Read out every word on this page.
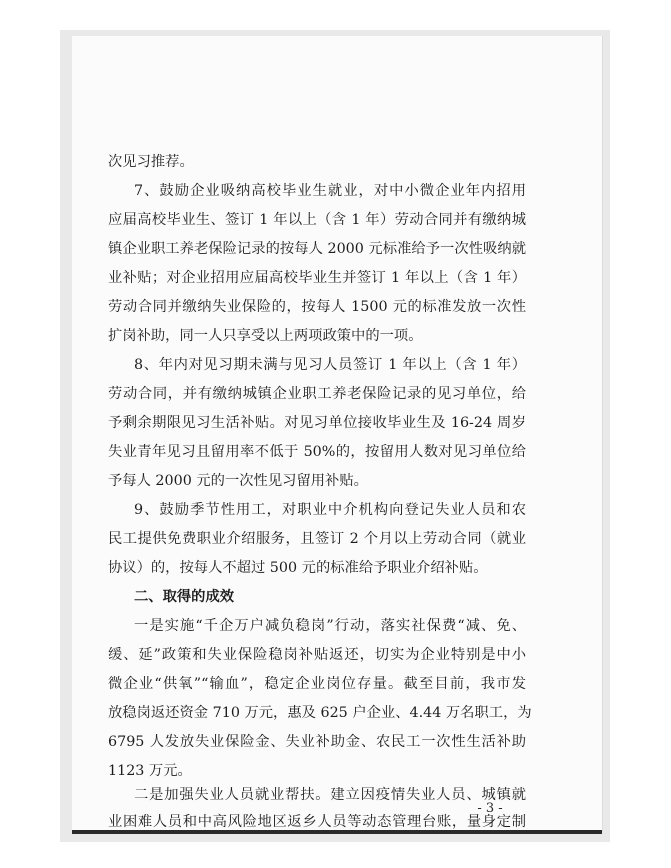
次见习推荐。
7、鼓励企业吸纳高校毕业生就业，对中小微企业年内招用
应届高校毕业生、签订 1 年以上（含 1 年）劳动合同并有缴纳城
镇企业职工养老保险记录的按每人 2000 元标准给予一次性吸纳就
业补贴；对企业招用应届高校毕业生并签订 1 年以上（含 1 年）
劳动合同并缴纳失业保险的，按每人 1500 元的标准发放一次性
扩岗补助，同一人只享受以上两项政策中的一项。
8、年内对见习期未满与见习人员签订 1 年以上（含 1 年）
劳动合同，并有缴纳城镇企业职工养老保险记录的见习单位，给
予剩余期限见习生活补贴。对见习单位接收毕业生及 16-24 周岁
失业青年见习且留用率不低于 50%的，按留用人数对见习单位给
予每人 2000 元的一次性见习留用补贴。
9、鼓励季节性用工，对职业中介机构向登记失业人员和农
民工提供免费职业介绍服务，且签订 2 个月以上劳动合同（就业
协议）的，按每人不超过 500 元的标准给予职业介绍补贴。
二、取得的成效
一是实施“千企万户减负稳岗”行动，落实社保费“减、免、
缓、延”政策和失业保险稳岗补贴返还，切实为企业特别是中小
微企业“供氧”“输血”，稳定企业岗位存量。截至目前，我市发
放稳岗返还资金 710 万元，惠及 625 户企业、4.44 万名职工，为
6795 人发放失业保险金、失业补助金、农民工一次性生活补助
1123 万元。
二是加强失业人员就业帮扶。建立因疫情失业人员、城镇就
业困难人员和中高风险地区返乡人员等动态管理台账，量身定制
- 3 -
